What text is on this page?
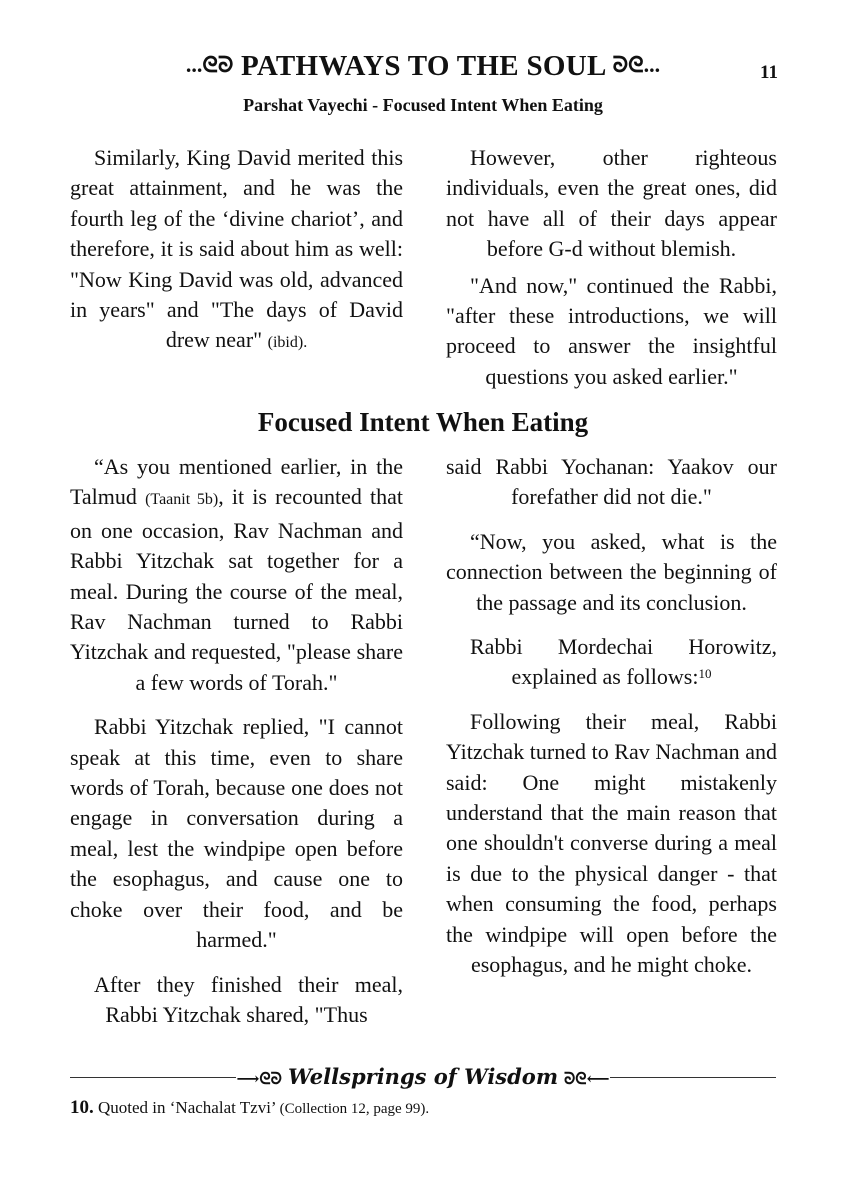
...ᘓᘐ PATHWAYS TO THE SOUL ᘐᘓ...	11
Parshat Vayechi - Focused Intent When Eating

Similarly, King David merited this great attainment, and he was the fourth leg of the ‘divine chariot’, and therefore, it is said about him as well: "Now King David was old, advanced in years" and "The days of David drew near" (ibid).

However, other righteous individuals, even the great ones, did not have all of their days appear before G-d without blemish.

"And now," continued the Rabbi, "after these introductions, we will proceed to answer the insightful questions you asked earlier."

Focused Intent When Eating

“As you mentioned earlier, in the Talmud (Taanit 5b), it is recounted that on one occasion, Rav Nachman and Rabbi Yitzchak sat together for a meal. During the course of the meal, Rav Nachman turned to Rabbi Yitzchak and requested, "please share a few words of Torah."

Rabbi Yitzchak replied, "I cannot speak at this time, even to share words of Torah, because one does not engage in conversation during a meal, lest the windpipe open before the esophagus, and cause one to choke over their food, and be harmed."

After they finished their meal, Rabbi Yitzchak shared, "Thus

said Rabbi Yochanan: Yaakov our forefather did not die."

“Now, you asked, what is the connection between the beginning of the passage and its conclusion.

Rabbi Mordechai Horowitz, explained as follows:$^{10}$

Following their meal, Rabbi Yitzchak turned to Rav Nachman and said: One might mistakenly understand that the main reason that one shouldn't converse during a meal is due to the physical danger - that when consuming the food, perhaps the windpipe will open before the esophagus, and he might choke.

⟶ᘓᘐ Wellsprings of Wisdom ᘐᘓ⟵
10. Quoted in ‘Nachalat Tzvi’ (Collection 12, page 99).
